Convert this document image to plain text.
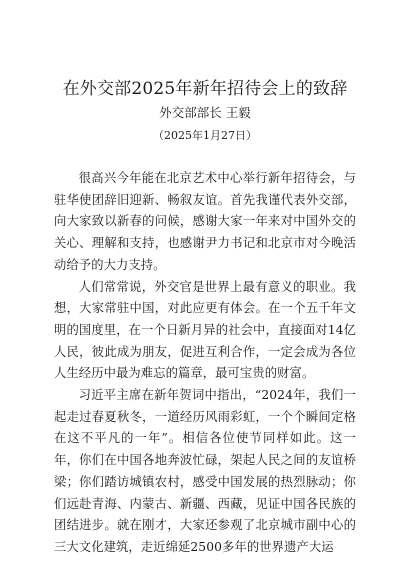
在外交部2025年新年招待会上的致辞
外交部部长 王毅
（2025年1月27日）

很高兴今年能在北京艺术中心举行新年招待会，与驻华使团辞旧迎新、畅叙友谊。首先我谨代表外交部，向大家致以新春的问候，感谢大家一年来对中国外交的关心、理解和支持，也感谢尹力书记和北京市对今晚活动给予的大力支持。

人们常常说，外交官是世界上最有意义的职业。我想，大家常驻中国，对此应更有体会。在一个五千年文明的国度里，在一个日新月异的社会中，直接面对14亿人民，彼此成为朋友，促进互利合作，一定会成为各位人生经历中最为难忘的篇章，最可宝贵的财富。

习近平主席在新年贺词中指出，“2024年，我们一起走过春夏秋冬，一道经历风雨彩虹，一个个瞬间定格在这不平凡的一年”。相信各位使节同样如此。这一年，你们在中国各地奔波忙碌，架起人民之间的友谊桥梁；你们踏访城镇农村，感受中国发展的热烈脉动；你们远赴青海、内蒙古、新疆、西藏，见证中国各民族的团结进步。就在刚才，大家还参观了北京城市副中心的三大文化建筑，走近绵延2500多年的世界遗产大运
